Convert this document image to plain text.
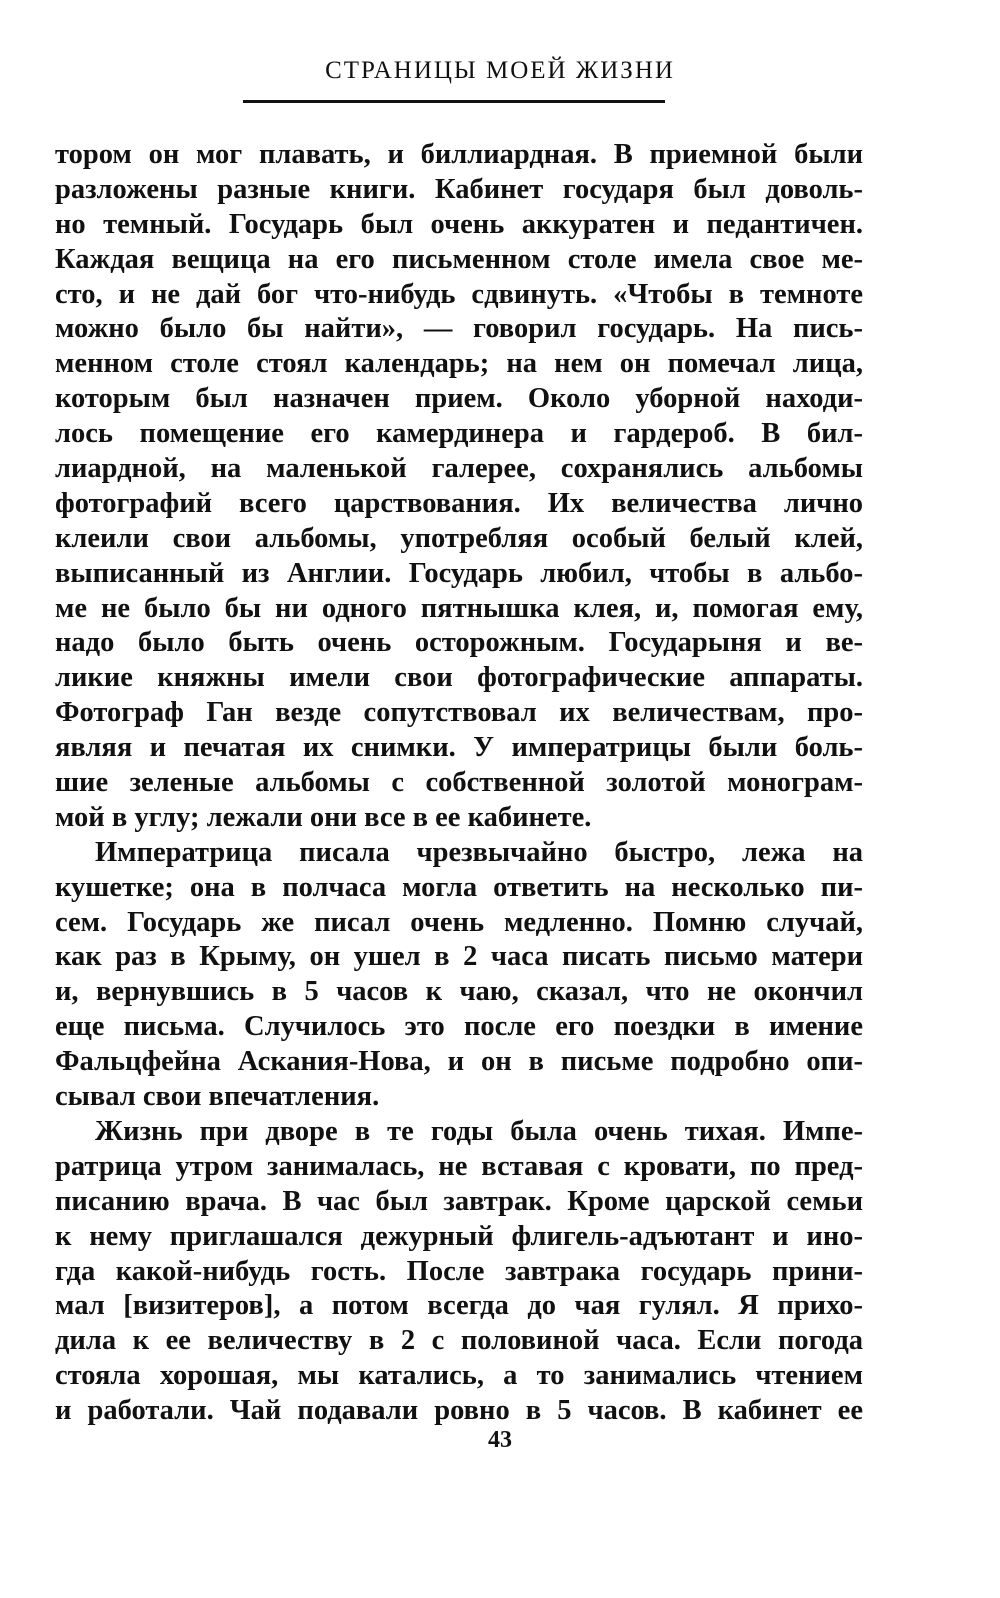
СТРАНИЦЫ МОЕЙ ЖИЗНИ
тором он мог плавать, и биллиардная. В приемной были
разложены разные книги. Кабинет государя был доволь-
но темный. Государь был очень аккуратен и педантичен.
Каждая вещица на его письменном столе имела свое ме-
сто, и не дай бог что-нибудь сдвинуть. «Чтобы в темноте
можно было бы найти», — говорил государь. На пись-
менном столе стоял календарь; на нем он помечал лица,
которым был назначен прием. Около уборной находи-
лось помещение его камердинера и гардероб. В бил-
лиардной, на маленькой галерее, сохранялись альбомы
фотографий всего царствования. Их величества лично
клеили свои альбомы, употребляя особый белый клей,
выписанный из Англии. Государь любил, чтобы в альбо-
ме не было бы ни одного пятнышка клея, и, помогая ему,
надо было быть очень осторожным. Государыня и ве-
ликие княжны имели свои фотографические аппараты.
Фотограф Ган везде сопутствовал их величествам, про-
являя и печатая их снимки. У императрицы были боль-
шие зеленые альбомы с собственной золотой монограм-
мой в углу; лежали они все в ее кабинете.
Императрица писала чрезвычайно быстро, лежа на
кушетке; она в полчаса могла ответить на несколько пи-
сем. Государь же писал очень медленно. Помню случай,
как раз в Крыму, он ушел в 2 часа писать письмо матери
и, вернувшись в 5 часов к чаю, сказал, что не окончил
еще письма. Случилось это после его поездки в имение
Фальцфейна Аскания-Нова, и он в письме подробно опи-
сывал свои впечатления.
Жизнь при дворе в те годы была очень тихая. Импе-
ратрица утром занималась, не вставая с кровати, по пред-
писанию врача. В час был завтрак. Кроме царской семьи
к нему приглашался дежурный флигель-адъютант и ино-
гда какой-нибудь гость. После завтрака государь прини-
мал [визитеров], а потом всегда до чая гулял. Я прихо-
дила к ее величеству в 2 с половиной часа. Если погода
стояла хорошая, мы катались, а то занимались чтением
и работали. Чай подавали ровно в 5 часов. В кабинет ее
43
